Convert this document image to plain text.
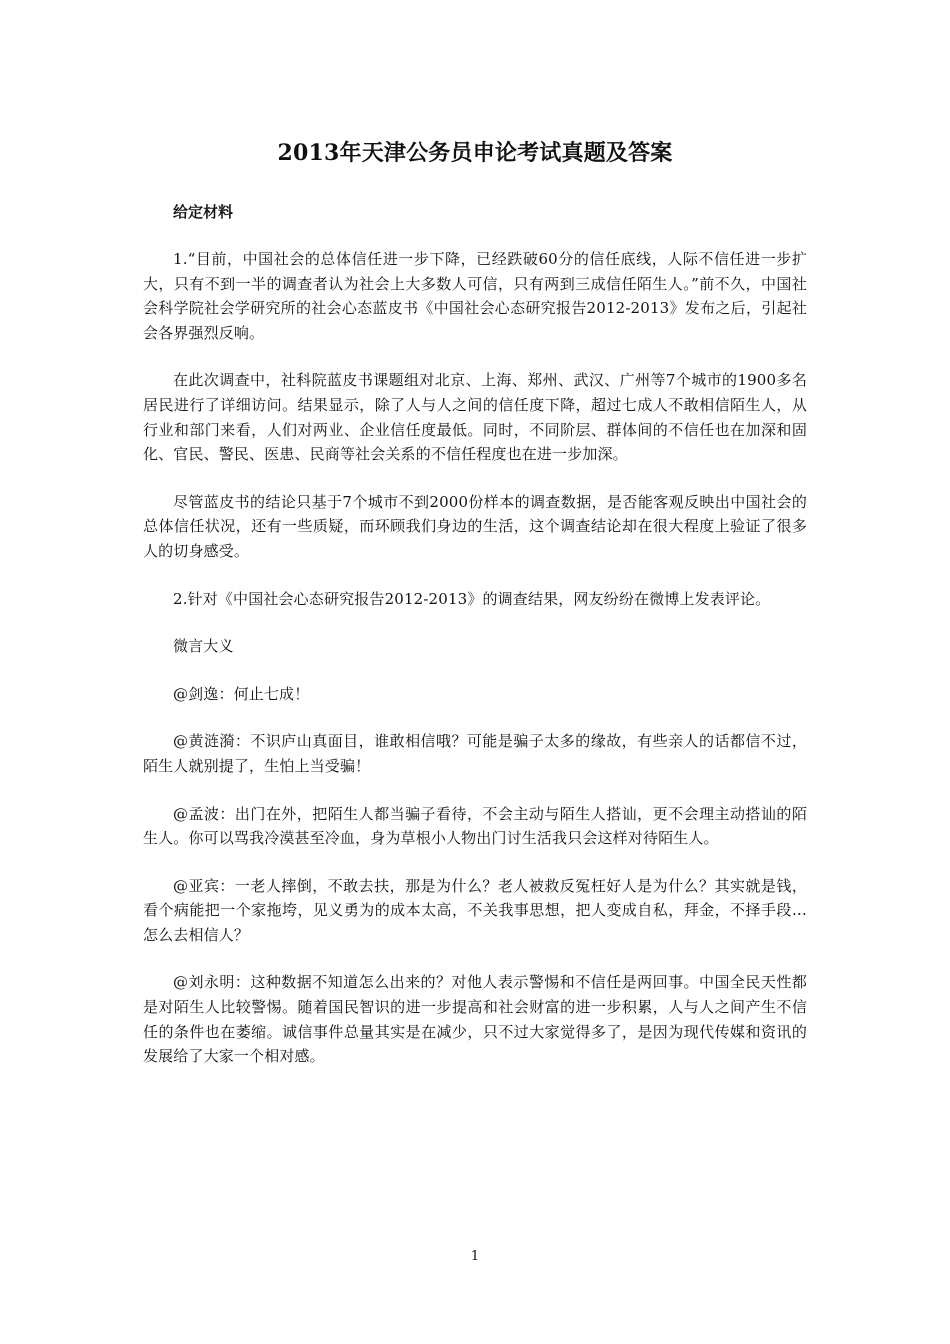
2013年天津公务员申论考试真题及答案
给定材料

1.“目前，中国社会的总体信任进一步下降，已经跌破60分的信任底线，人际不信任进一步扩大，只有不到一半的调查者认为社会上大多数人可信，只有两到三成信任陌生人。”前不久，中国社会科学院社会学研究所的社会心态蓝皮书《中国社会心态研究报告2012-2013》发布之后，引起社会各界强烈反响。

在此次调查中，社科院蓝皮书课题组对北京、上海、郑州、武汉、广州等7个城市的1900多名居民进行了详细访问。结果显示，除了人与人之间的信任度下降，超过七成人不敢相信陌生人，从行业和部门来看，人们对两业、企业信任度最低。同时，不同阶层、群体间的不信任也在加深和固化、官民、警民、医患、民商等社会关系的不信任程度也在进一步加深。

尽管蓝皮书的结论只基于7个城市不到2000份样本的调查数据，是否能客观反映出中国社会的总体信任状况，还有一些质疑，而环顾我们身边的生活，这个调查结论却在很大程度上验证了很多人的切身感受。

2.针对《中国社会心态研究报告2012-2013》的调查结果，网友纷纷在微博上发表评论。

微言大义

@剑逸：何止七成！

@黄涟漪：不识庐山真面目，谁敢相信哦？可能是骗子太多的缘故，有些亲人的话都信不过，陌生人就别提了，生怕上当受骗！

@孟波：出门在外，把陌生人都当骗子看待，不会主动与陌生人搭讪，更不会理主动搭讪的陌生人。你可以骂我冷漠甚至冷血，身为草根小人物出门讨生活我只会这样对待陌生人。

@亚宾：一老人摔倒，不敢去扶，那是为什么？老人被救反冤枉好人是为什么？其实就是钱，看个病能把一个家拖垮，见义勇为的成本太高，不关我事思想，把人变成自私，拜金，不择手段…怎么去相信人？

@刘永明：这种数据不知道怎么出来的？对他人表示警惕和不信任是两回事。中国全民天性都是对陌生人比较警惕。随着国民智识的进一步提高和社会财富的进一步积累，人与人之间产生不信任的条件也在萎缩。诚信事件总量其实是在减少，只不过大家觉得多了，是因为现代传媒和资讯的发展给了大家一个相对感。

1
